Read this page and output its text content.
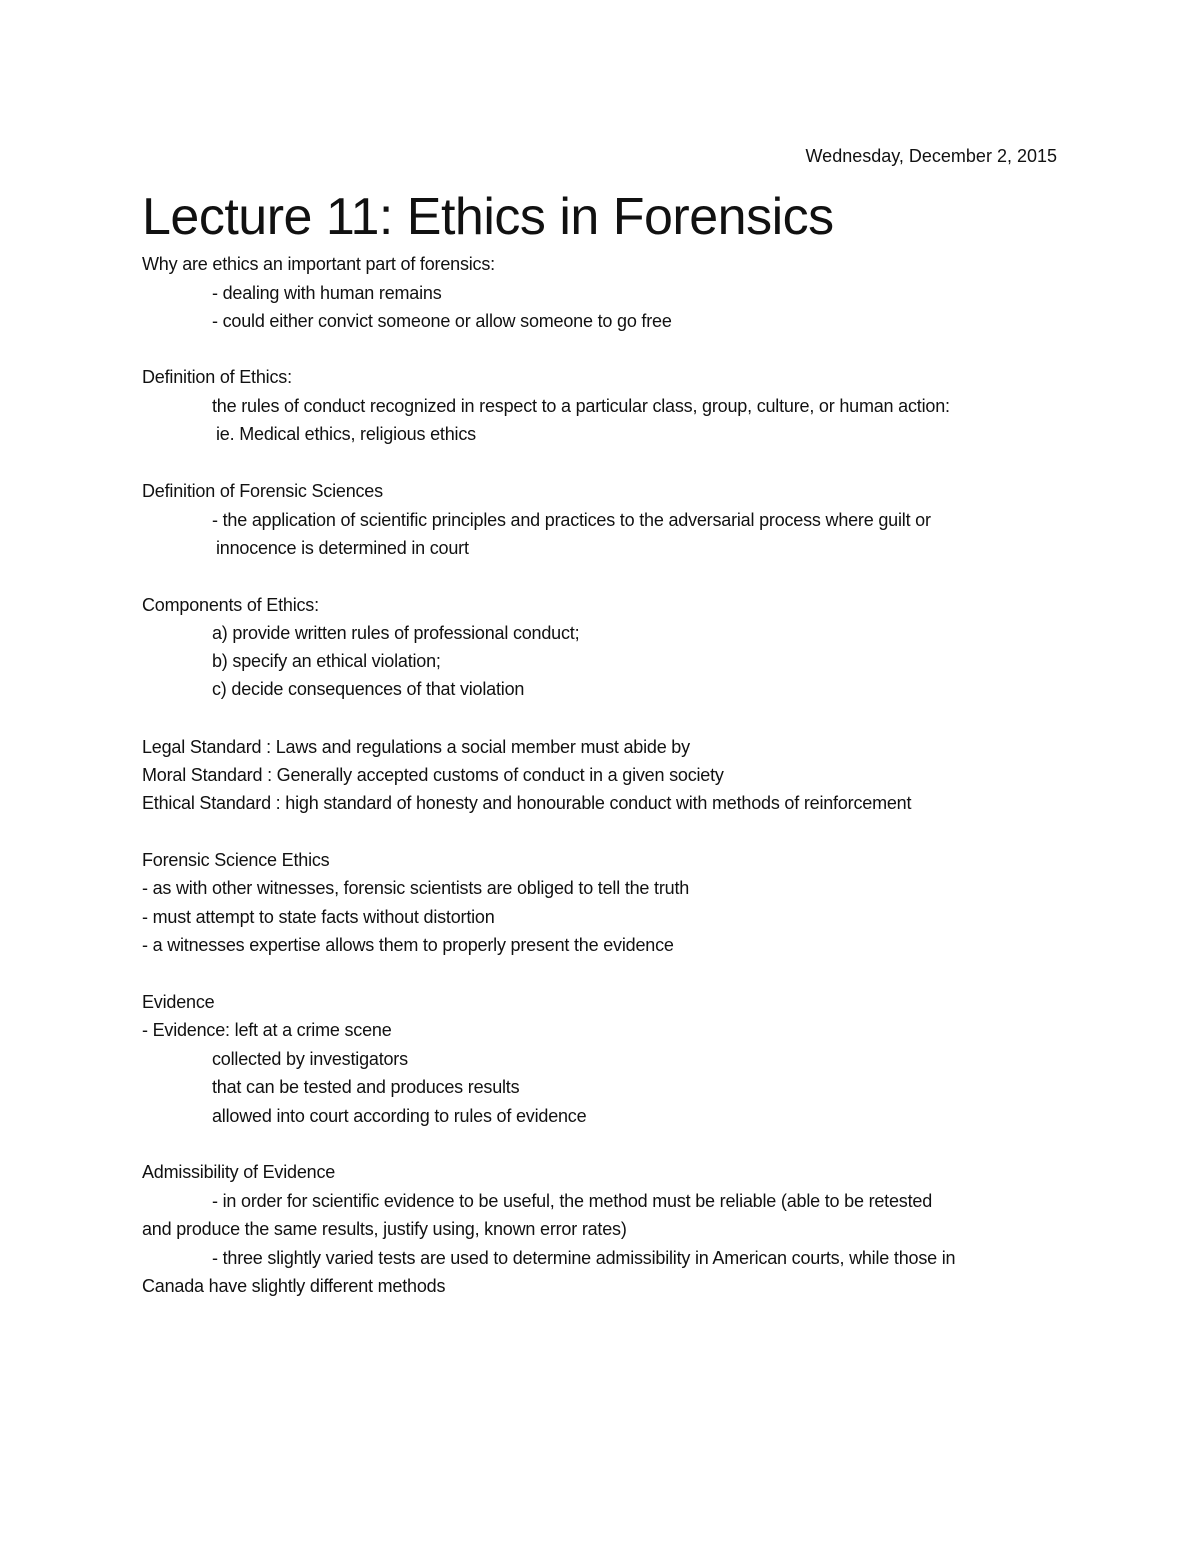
Wednesday, December 2, 2015
Lecture 11: Ethics in Forensics
Why are ethics an important part of forensics:
- dealing with human remains
- could either convict someone or allow someone to go free
Definition of Ethics:
the rules of conduct recognized in respect to a particular class, group, culture, or human action:
ie. Medical ethics, religious ethics
Definition of Forensic Sciences
- the application of scientific principles and practices to the adversarial process where guilt or
innocence is determined in court
Components of Ethics:
a) provide written rules of professional conduct;
b) specify an ethical violation;
c) decide consequences of that violation
Legal Standard : Laws and regulations a social member must abide by
Moral Standard : Generally accepted customs of conduct in a given society
Ethical Standard : high standard of honesty and honourable conduct with methods of reinforcement
Forensic Science Ethics
- as with other witnesses, forensic scientists are obliged to tell the truth
- must attempt to state facts without distortion
- a witnesses expertise allows them to properly present the evidence
Evidence
- Evidence: left at a crime scene
collected by investigators
that can be tested and produces results
allowed into court according to rules of evidence
Admissibility of Evidence
- in order for scientific evidence to be useful, the method must be reliable (able to be retested
and produce the same results, justify using, known error rates)
- three slightly varied tests are used to determine admissibility in American courts, while those in
Canada have slightly different methods
